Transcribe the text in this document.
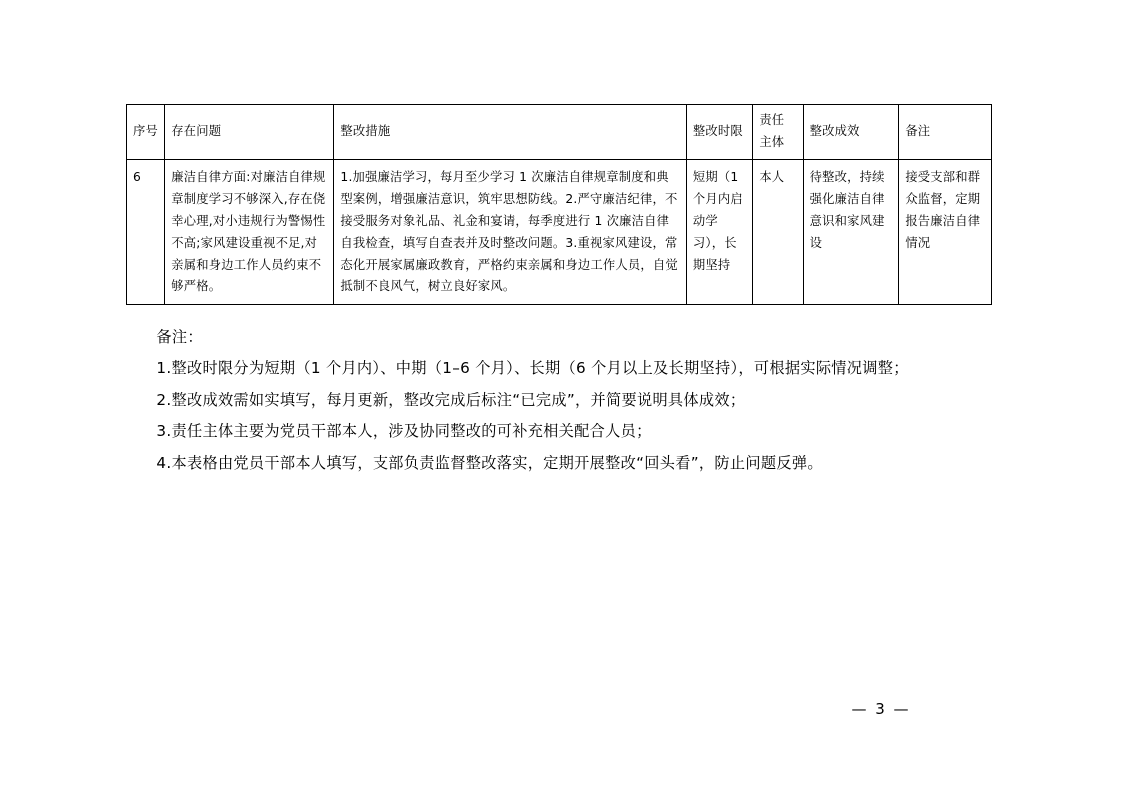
序号	存在问题	整改措施	整改时限	责任主体	整改成效	备注
6	廉洁自律方面:对廉洁自律规章制度学习不够深入,存在侥幸心理,对小违规行为警惕性不高;家风建设重视不足,对亲属和身边工作人员约束不够严格。	1.加强廉洁学习，每月至少学习 1 次廉洁自律规章制度和典型案例，增强廉洁意识，筑牢思想防线。2.严守廉洁纪律，不接受服务对象礼品、礼金和宴请，每季度进行 1 次廉洁自律自我检查，填写自查表并及时整改问题。3.重视家风建设，常态化开展家属廉政教育，严格约束亲属和身边工作人员，自觉抵制不良风气，树立良好家风。	短期（1 个月内启动学习），长期坚持	本人	待整改，持续强化廉洁自律意识和家风建设	接受支部和群众监督，定期报告廉洁自律情况

备注：

1.整改时限分为短期（1 个月内）、中期（1–6 个月）、长期（6 个月以上及长期坚持），可根据实际情况调整；

2.整改成效需如实填写，每月更新，整改完成后标注“已完成”，并简要说明具体成效；

3.责任主体主要为党员干部本人，涉及协同整改的可补充相关配合人员；

4.本表格由党员干部本人填写，支部负责监督整改落实，定期开展整改“回头看”，防止问题反弹。

— 3 —
